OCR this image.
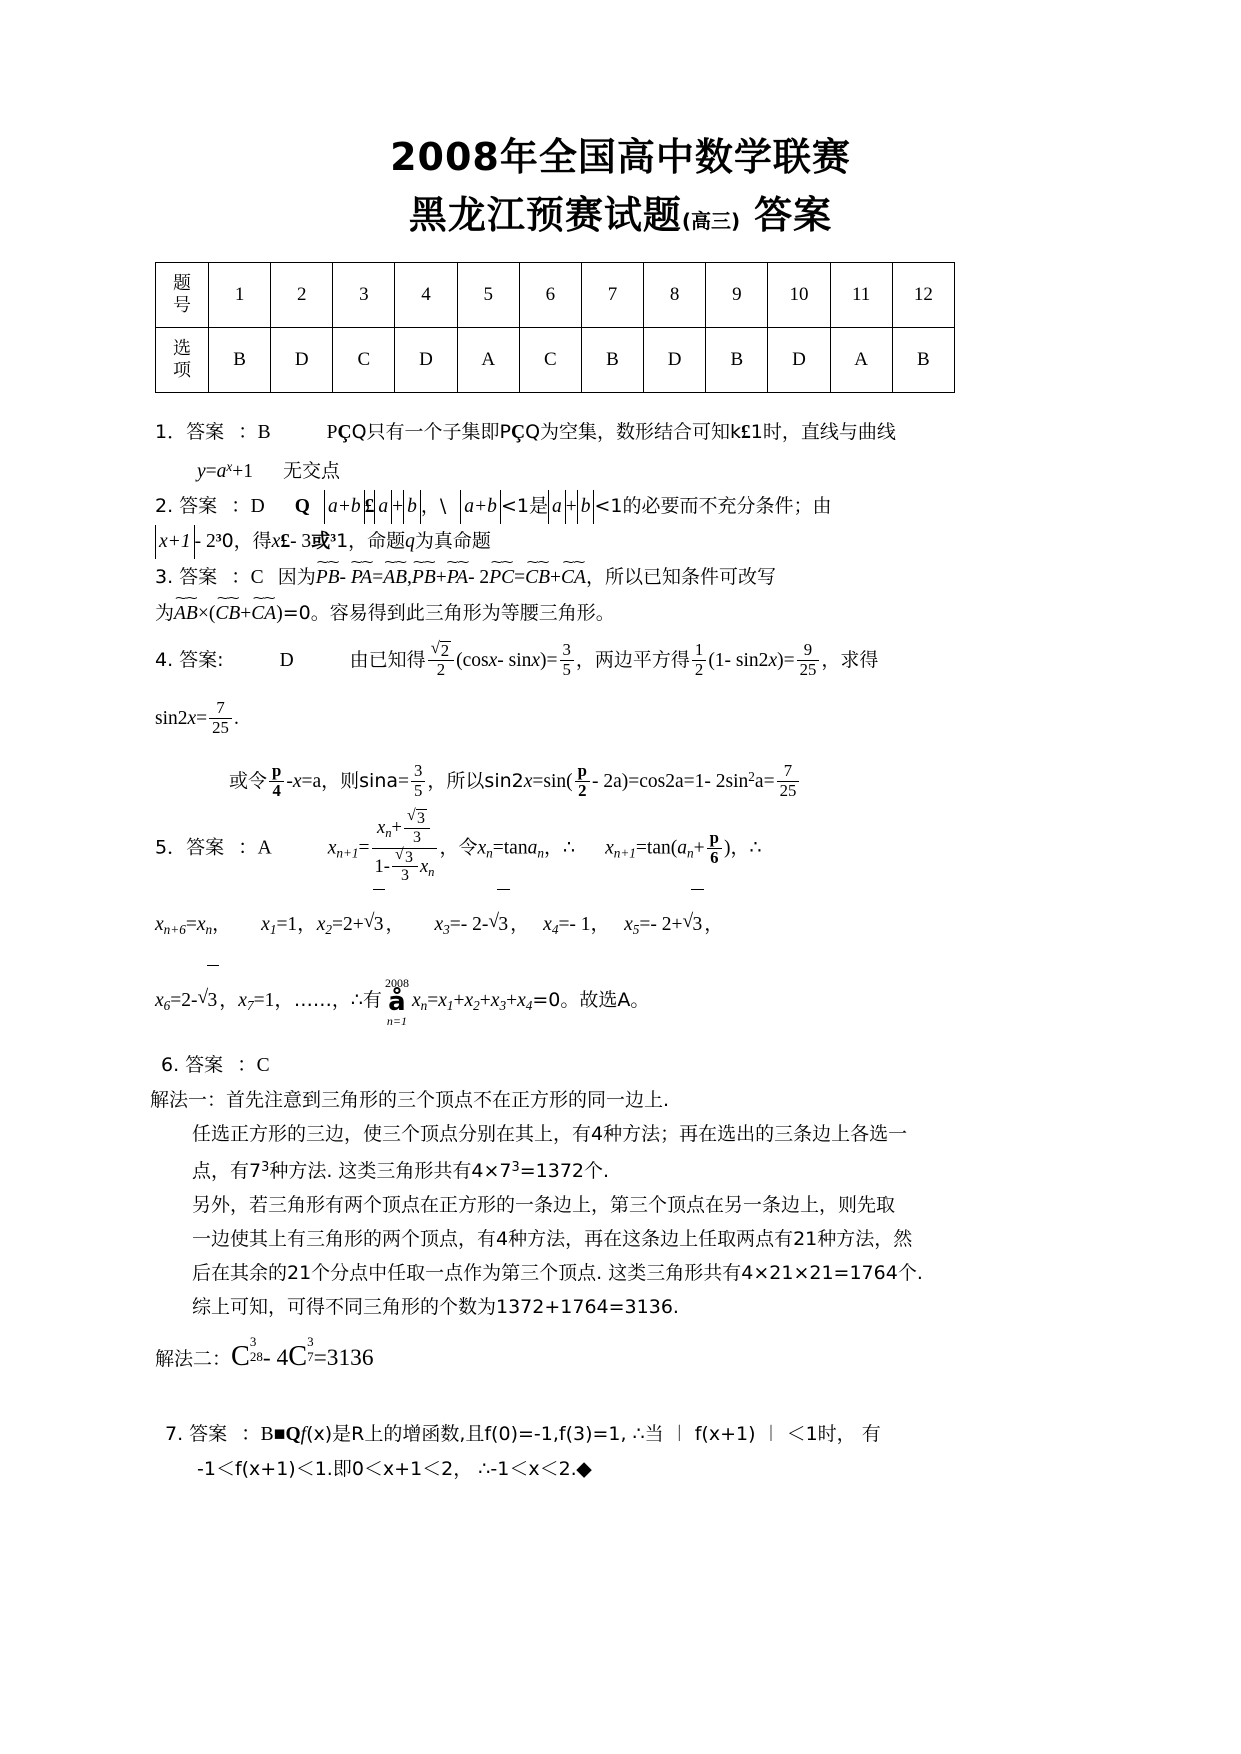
2008年全国高中数学联赛
黑龙江预赛试题(高三) 答案
题
号	1	2	3	4	5	6	7	8	9	10	11	12

选
项	B	D	C	D	A	C	B	D	B	D	A	B
1．答案 ：B	PÇQ只有一个子集即PÇQ为空集，数形结合可知k£1时，直线与曲线
$y=a^x+1$ 无交点
2. 答案 ：D Q a+b £ a + b ，\ a+b <1是 a + b <1的必要而不充分条件；由
x+1 - 2³0，得x£- 3或³1，命题q为真命题
3. 答案 ：C 因为⁓⁓ PB- ⁓⁓ PA=⁓⁓ AB,⁓⁓ PB+⁓⁓ PA- 2⁓⁓ PC=⁓⁓ CB+⁓⁓ CA，所以已知条件可改写
为⁓⁓ AB×(⁓⁓ CB+⁓⁓ CA)=0。容易得到此三角形为等腰三角形。
4. 答案:	D	由已知得 √ $\frac{2}{2} (\cos x-$ $\sin x)= \frac{3}{5}$ ，两边平方得 $\frac{1}{2} (1-$ $\sin 2x)= \frac{9}{25}$ ，求得
$\sin 2x= \frac{7}{25}$ .
或令 $\frac{p}{4} -x=a$，则$\sin a= \frac{3}{5}$ ，所以$\sin 2x=\sin( \frac{p}{2} - 2a)=\cos 2a=1-$ $2\sin^2a= \frac{7}{25}$
5．答案 ：A	$x_{n+1}= \frac{x_n+ √ \frac{3}{3}}{1- √ \frac{3}{3} x_n}$ ，令$x_n=\tan a_n$，∴ $x_{n+1}=\tan(a_n+ \frac{p}{6}$ )，∴
$x_{n+6}=x_n$， $x_1=1$，$x_2=2+$ √ 3 ， $x_3=-$ 2- √ 3 ， $x_4=-$ 1， $x_5=-$ 2+ √ 3 ，
$x_6=2-$ √ 3 ，$x_7=1$，……，∴有
2008
å
n=1
$x_n=x_1+x_2+x_3+x_4=0$。故选A。
6. 答案 ：C
解法一：首先注意到三角形的三个顶点不在正方形的同一边上.
任选正方形的三边，使三个顶点分别在其上，有4种方法；再在选出的三条边上各选一
点，有$7^3$种方法. 这类三角形共有$4\times 7^3=1372$个.
另外，若三角形有两个顶点在正方形的一条边上，第三个顶点在另一条边上，则先取
一边使其上有三角形的两个顶点，有4种方法，再在这条边上任取两点有21种方法，然
后在其余的21个分点中任取一点作为第三个顶点. 这类三角形共有4×21×21=1764个.
综上可知，可得不同三角形的个数为1372+1764=3136.
解法二：C 3
28 - 4C 3
7 =3136
7. 答案 ：B■Qf(x)是R上的增函数,且f(0)=-1,f(3)=1, ∴当 ︱ f(x+1) ︱ ＜1时， 有
-1＜f(x+1)＜1.即0＜x+1＜2， ∴-1＜x＜2.◆
